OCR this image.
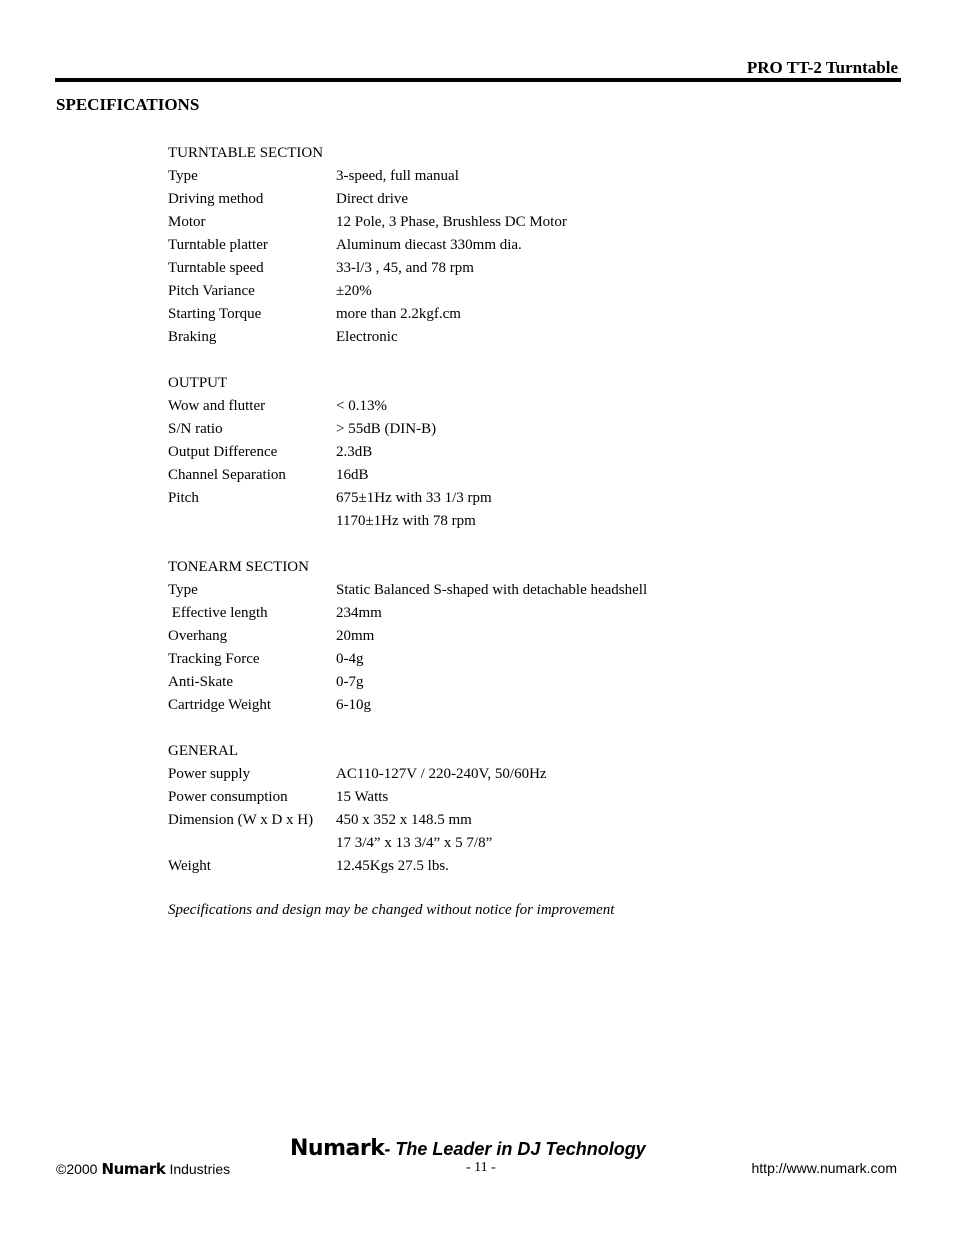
PRO TT-2 Turntable
SPECIFICATIONS
TURNTABLE SECTION
Type	3-speed, full manual
Driving method	Direct drive
Motor	12 Pole, 3 Phase, Brushless DC Motor
Turntable platter	Aluminum diecast 330mm dia.
Turntable speed	33-l/3 , 45, and 78 rpm
Pitch Variance	±20%
Starting Torque	more than 2.2kgf.cm
Braking	Electronic
OUTPUT
Wow and flutter	< 0.13%
S/N ratio	> 55dB (DIN-B)
Output Difference	2.3dB
Channel Separation	16dB
Pitch	675±1Hz with 33 1/3 rpm
1170±1Hz with 78 rpm
TONEARM SECTION
Type	Static Balanced S-shaped with detachable headshell
Effective length	234mm
Overhang	20mm
Tracking Force	0-4g
Anti-Skate	0-7g
Cartridge Weight	6-10g
GENERAL
Power supply	AC110-127V / 220-240V, 50/60Hz
Power consumption	15 Watts
Dimension (W x D x H)	450 x 352 x 148.5 mm
17 3/4” x 13 3/4” x 5 7/8”
Weight	12.45Kgs 27.5 lbs.
Specifications and design may be changed without notice for improvement
Numark - The Leader in DJ Technology
©2000 Numark Industries	- 11 -	http://www.numark.com
